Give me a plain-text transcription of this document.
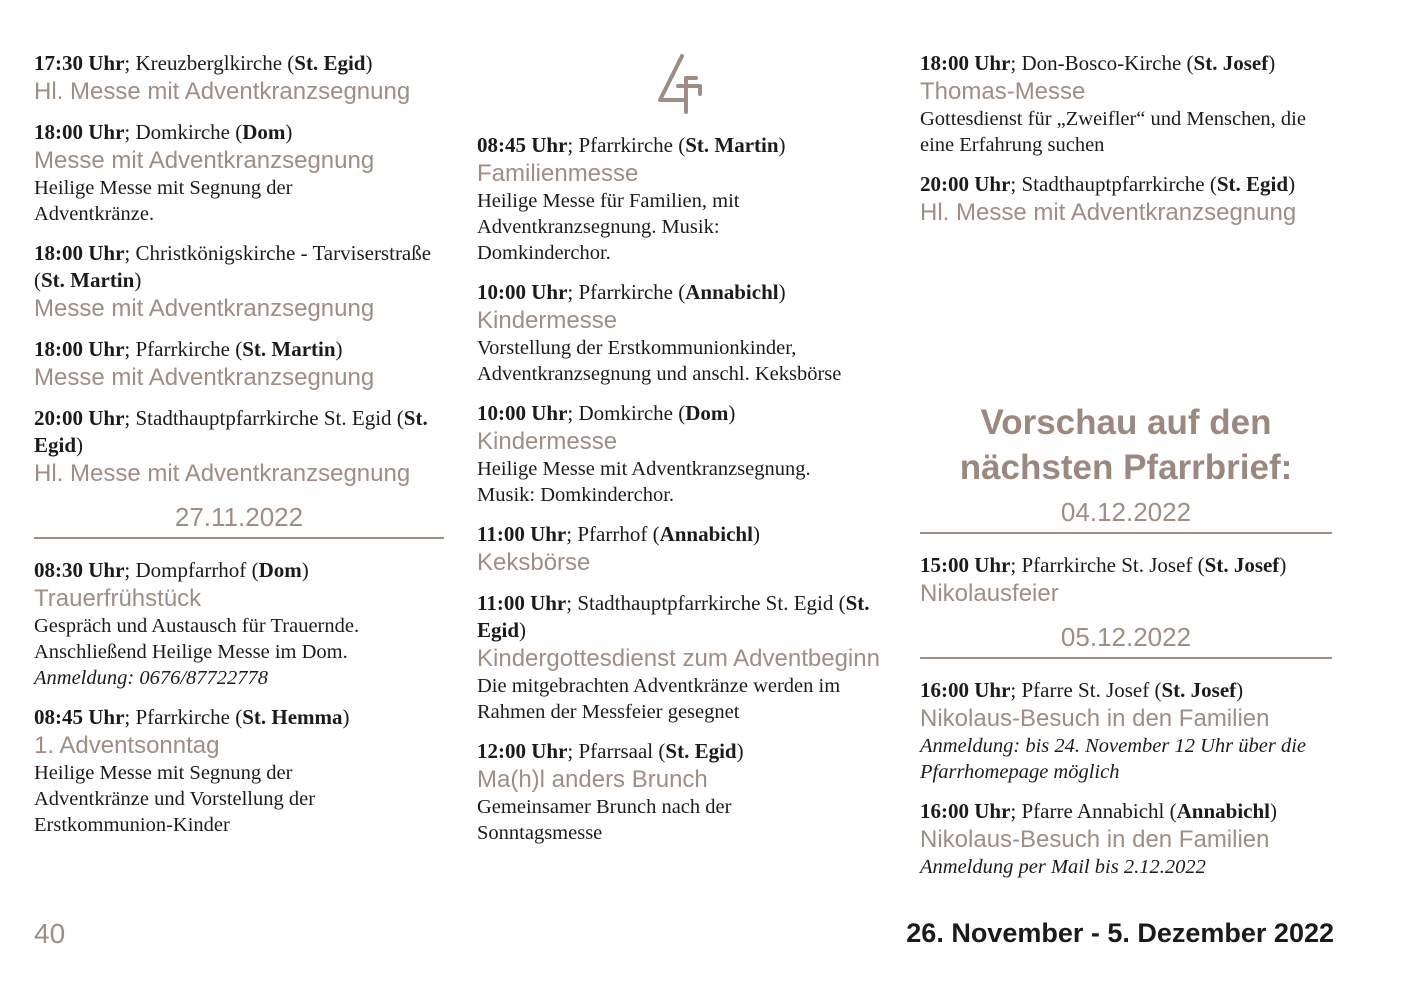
17:30 Uhr; Kreuzberglkirche (St. Egid)
Hl. Messe mit Adventkranzsegnung
18:00 Uhr; Domkirche (Dom)
Messe mit Adventkranzsegnung
Heilige Messe mit Segnung der Adventkränze.
18:00 Uhr; Christkönigskirche - Tarviserstraße (St. Martin)
Messe mit Adventkranzsegnung
18:00 Uhr; Pfarrkirche (St. Martin)
Messe mit Adventkranzsegnung
20:00 Uhr; Stadthauptpfarrkirche St. Egid (St. Egid)
Hl. Messe mit Adventkranzsegnung
27.11.2022
08:30 Uhr; Dompfarrhof (Dom)
Trauerfrühstück
Gespräch und Austausch für Trauernde. Anschließend Heilige Messe im Dom.
Anmeldung: 0676/87722778
08:45 Uhr; Pfarrkirche (St. Hemma)
1. Adventsonntag
Heilige Messe mit Segnung der Adventkränze und Vorstellung der Erstkommunion-Kinder
08:45 Uhr; Pfarrkirche (St. Martin)
Familienmesse
Heilige Messe für Familien, mit Adventkranzsegnung. Musik: Domkinderchor.
10:00 Uhr; Pfarrkirche (Annabichl)
Kindermesse
Vorstellung der Erstkommunionkinder, Adventkranzsegnung und anschl. Keksbörse
10:00 Uhr; Domkirche (Dom)
Kindermesse
Heilige Messe mit Adventkranzsegnung. Musik: Domkinderchor.
11:00 Uhr; Pfarrhof (Annabichl)
Keksbörse
11:00 Uhr; Stadthauptpfarrkirche St. Egid (St. Egid)
Kindergottesdienst zum Adventbeginn
Die mitgebrachten Adventkränze werden im Rahmen der Messfeier gesegnet
12:00 Uhr; Pfarrsaal (St. Egid)
Ma(h)l anders Brunch
Gemeinsamer Brunch nach der Sonntagsmesse
18:00 Uhr; Don-Bosco-Kirche (St. Josef)
Thomas-Messe
Gottesdienst für „Zweifler“ und Menschen, die eine Erfahrung suchen
20:00 Uhr; Stadthauptpfarrkirche (St. Egid)
Hl. Messe mit Adventkranzsegnung
Vorschau auf den nächsten Pfarrbrief:
04.12.2022
15:00 Uhr; Pfarrkirche St. Josef (St. Josef)
Nikolausfeier
05.12.2022
16:00 Uhr; Pfarre St. Josef (St. Josef)
Nikolaus-Besuch in den Familien
Anmeldung: bis 24. November 12 Uhr über die Pfarrhomepage möglich
16:00 Uhr; Pfarre Annabichl (Annabichl)
Nikolaus-Besuch in den Familien
Anmeldung per Mail bis 2.12.2022
40	26. November - 5. Dezember 2022
